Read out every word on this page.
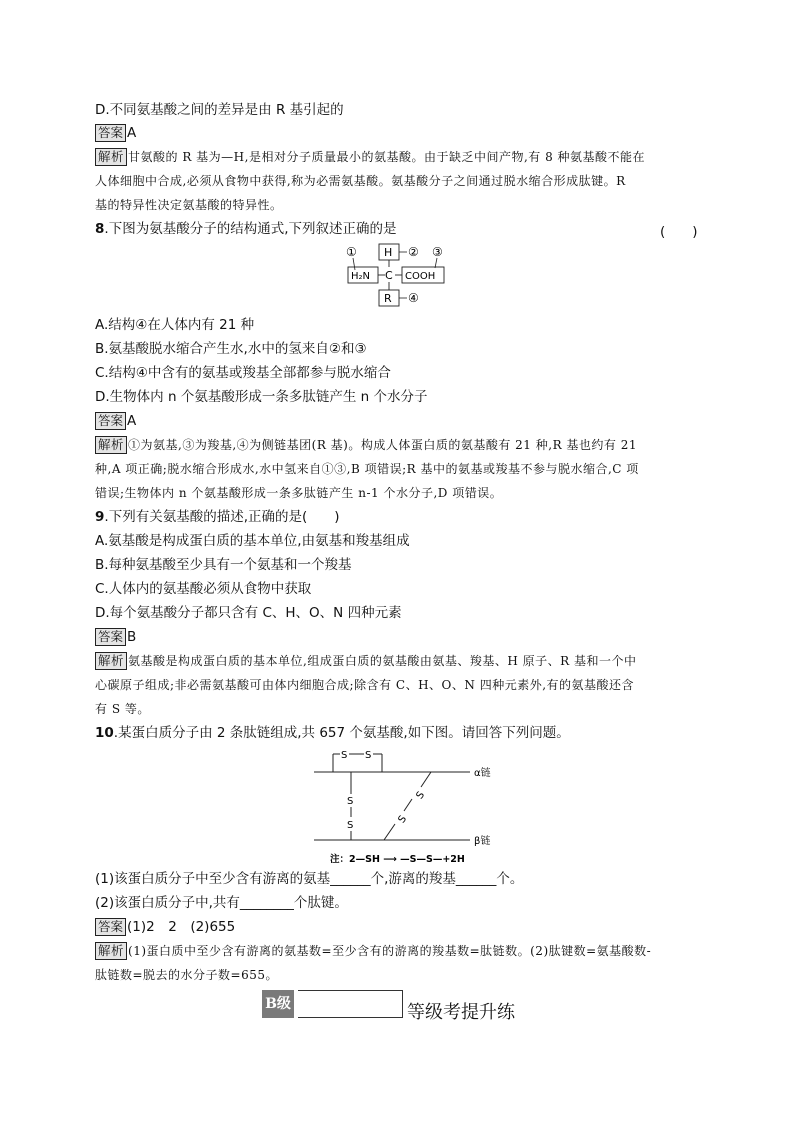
D.不同氨基酸之间的差异是由 R 基引起的
答案 A
解析 甘氨酸的 R 基为—H,是相对分子质量最小的氨基酸。由于缺乏中间产物,有 8 种氨基酸不能在
人体细胞中合成,必须从食物中获得,称为必需氨基酸。氨基酸分子之间通过脱水缩合形成肽键。R
基的特异性决定氨基酸的特异性。
8.下图为氨基酸分子的结构通式,下列叙述正确的是	(　　)
① H ② ③
H₂N C COOH
R ④
A.结构④在人体内有 21 种
B.氨基酸脱水缩合产生水,水中的氢来自②和③
C.结构④中含有的氨基或羧基全部都参与脱水缩合
D.生物体内 n 个氨基酸形成一条多肽链产生 n 个水分子
答案 A
解析 ①为氨基,③为羧基,④为侧链基团(R 基)。构成人体蛋白质的氨基酸有 21 种,R 基也约有 21
种,A 项正确;脱水缩合形成水,水中氢来自①③,B 项错误;R 基中的氨基或羧基不参与脱水缩合,C 项
错误;生物体内 n 个氨基酸形成一条多肽链产生 n-1 个水分子,D 项错误。
9.下列有关氨基酸的描述,正确的是(　　)
A.氨基酸是构成蛋白质的基本单位,由氨基和羧基组成
B.每种氨基酸至少具有一个氨基和一个羧基
C.人体内的氨基酸必须从食物中获取
D.每个氨基酸分子都只含有 C、H、O、N 四种元素
答案 B
解析 氨基酸是构成蛋白质的基本单位,组成蛋白质的氨基酸由氨基、羧基、H 原子、R 基和一个中
心碳原子组成;非必需氨基酸可由体内细胞合成;除含有 C、H、O、N 四种元素外,有的氨基酸还含
有 S 等。
10.某蛋白质分子由 2 条肽链组成,共 657 个氨基酸,如下图。请回答下列问题。
α链
S S
S
S
S
S
β链
注：2—SH ⟶ —S—S—+2H
(1)该蛋白质分子中至少含有游离的氨基______个,游离的羧基______个。
(2)该蛋白质分子中,共有________个肽键。
答案 (1)2　2　(2)655
解析 (1)蛋白质中至少含有游离的氨基数=至少含有的游离的羧基数=肽链数。(2)肽键数=氨基酸数-
肽链数=脱去的水分子数=655。
B级	等级考提升练
